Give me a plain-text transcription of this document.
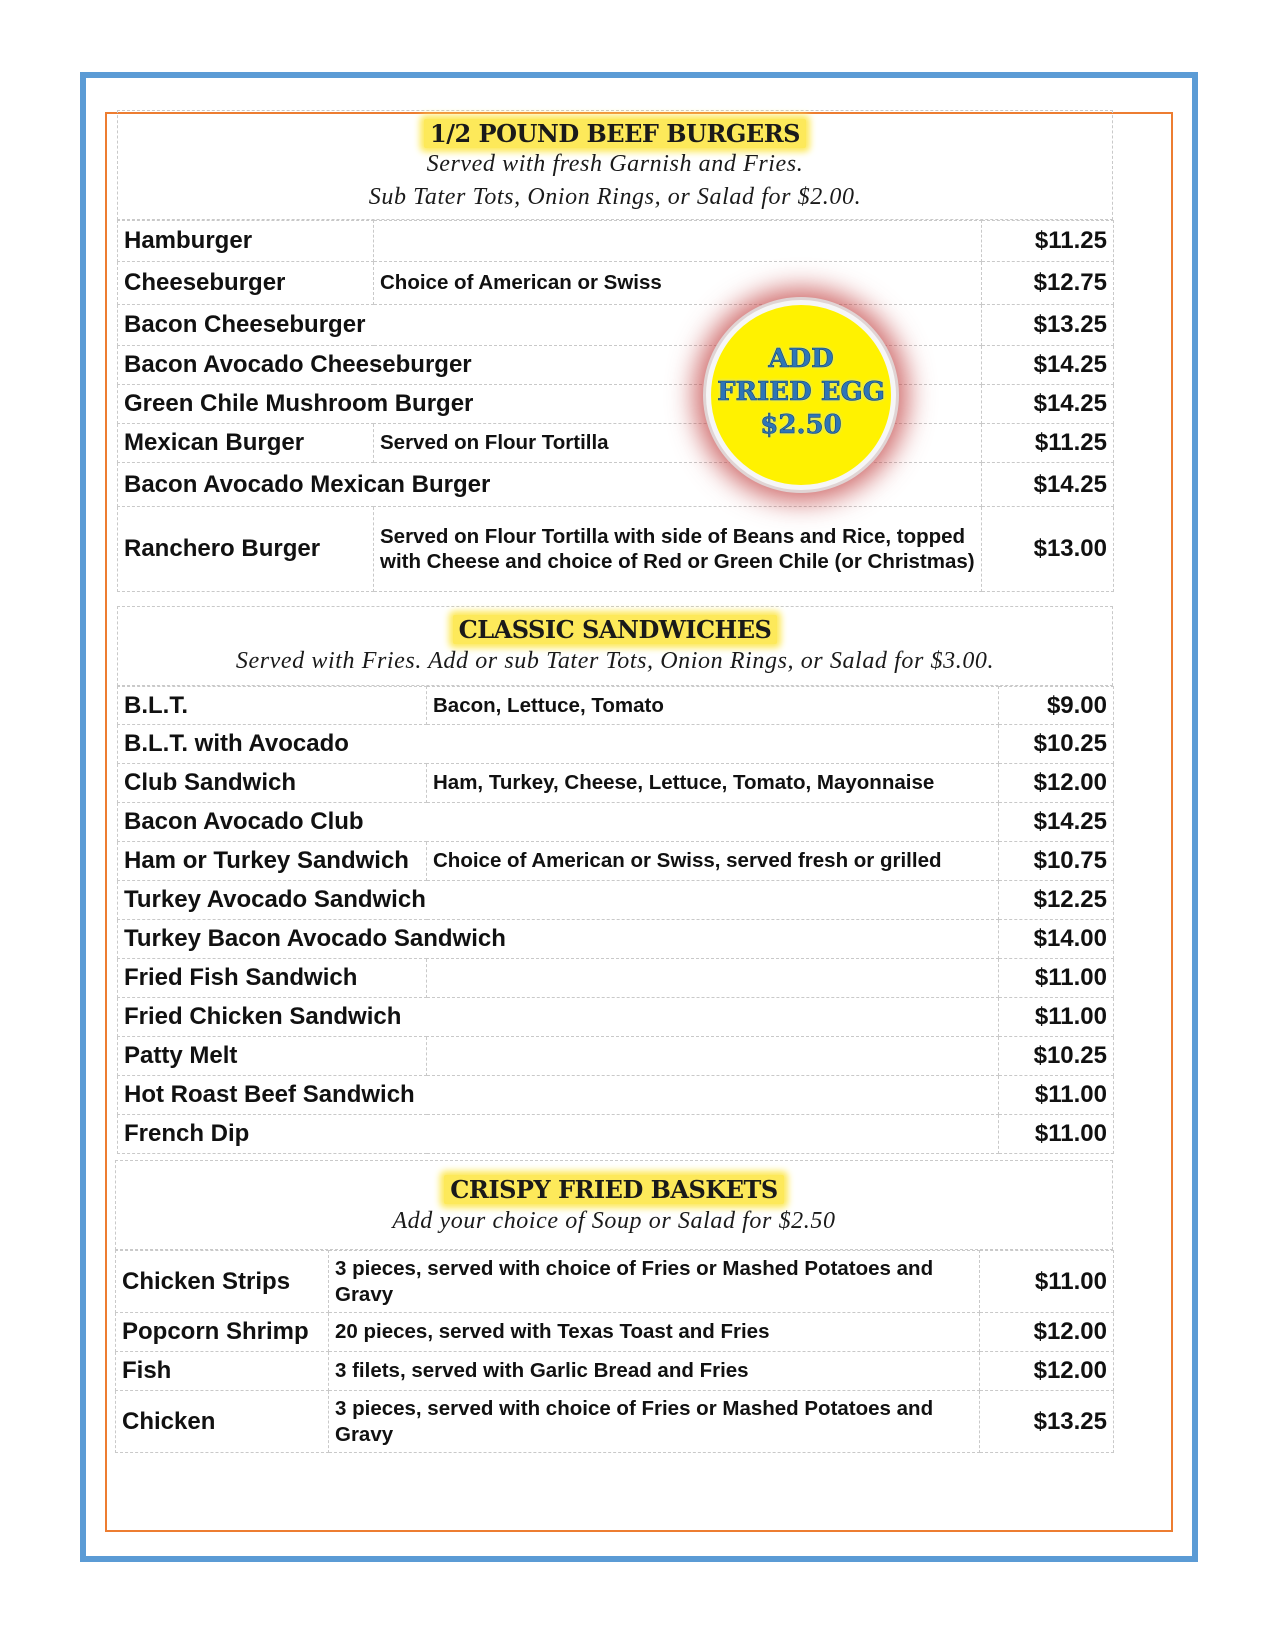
1/2 POUND BEEF BURGERS
Served with fresh Garnish and Fries.
Sub Tater Tots, Onion Rings, or Salad for $2.00.
Hamburger		$11.25
Cheeseburger	Choice of American or Swiss	$12.75
Bacon Cheeseburger		$13.25
Bacon Avocado Cheeseburger		$14.25
Green Chile Mushroom Burger		$14.25
Mexican Burger	Served on Flour Tortilla	$11.25
Bacon Avocado Mexican Burger		$14.25
Ranchero Burger	Served on Flour Tortilla with side of Beans and Rice, topped with Cheese and choice of Red or Green Chile (or Christmas)	$13.00
CLASSIC SANDWICHES
Served with Fries. Add or sub Tater Tots, Onion Rings, or Salad for $3.00.
B.L.T.	Bacon, Lettuce, Tomato	$9.00
B.L.T. with Avocado		$10.25
Club Sandwich	Ham, Turkey, Cheese, Lettuce, Tomato, Mayonnaise	$12.00
Bacon Avocado Club		$14.25
Ham or Turkey Sandwich	Choice of American or Swiss, served fresh or grilled	$10.75
Turkey Avocado Sandwich		$12.25
Turkey Bacon Avocado Sandwich		$14.00
Fried Fish Sandwich		$11.00
Fried Chicken Sandwich		$11.00
Patty Melt		$10.25
Hot Roast Beef Sandwich		$11.00
French Dip		$11.00
CRISPY FRIED BASKETS
Add your choice of Soup or Salad for $2.50
Chicken Strips	3 pieces, served with choice of Fries or Mashed Potatoes and Gravy	$11.00
Popcorn Shrimp	20 pieces, served with Texas Toast and Fries	$12.00
Fish	3 filets, served with Garlic Bread and Fries	$12.00
Chicken	3 pieces, served with choice of Fries or Mashed Potatoes and Gravy	$13.25
ADD
FRIED EGG
$2.50
